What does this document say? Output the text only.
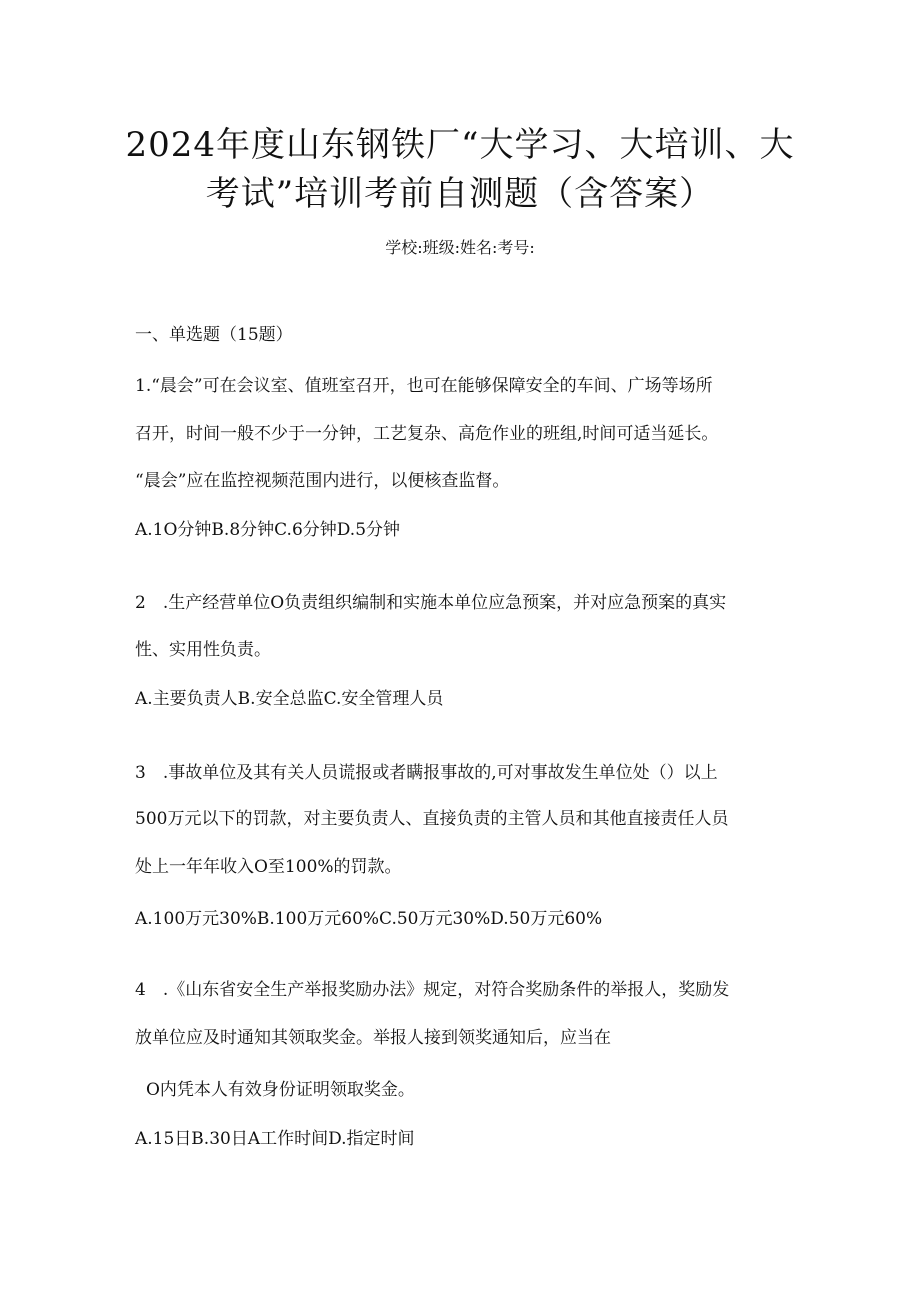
2024年度山东钢铁厂“大学习、大培训、大
考试”培训考前自测题（含答案）
学校:班级:姓名:考号:
一、单选题（15题）
1.“晨会”可在会议室、值班室召开，也可在能够保障安全的车间、广场等场所
召开，时间一般不少于一分钟，工艺复杂、高危作业的班组,时间可适当延长。
“晨会”应在监控视频范围内进行，以便核查监督。
A.1O分钟B.8分钟C.6分钟D.5分钟
2　.生产经营单位O负责组织编制和实施本单位应急预案，并对应急预案的真实
性、实用性负责。
A.主要负责人B.安全总监C.安全管理人员
3　.事故单位及其有关人员谎报或者瞒报事故的,可对事故发生单位处（）以上
500万元以下的罚款，对主要负责人、直接负责的主管人员和其他直接责任人员
处上一年年收入O至100%的罚款。
A.100万元30%B.100万元60%C.50万元30%D.50万元60%
4　.《山东省安全生产举报奖励办法》规定，对符合奖励条件的举报人，奖励发
放单位应及时通知其领取奖金。举报人接到领奖通知后，应当在
O内凭本人有效身份证明领取奖金。
A.15日B.30日A工作时间D.指定时间
